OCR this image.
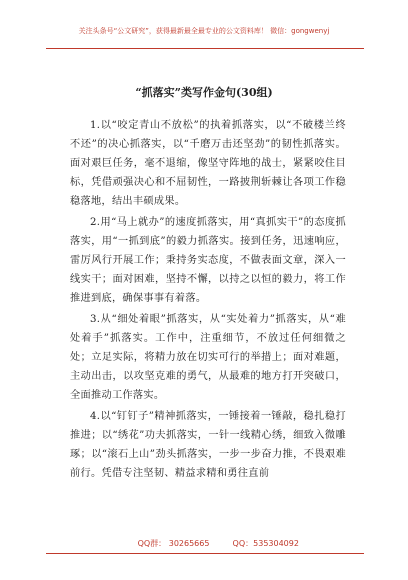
关注头条号“公文研究”，获得最新最全最专业的公文资料库！ 微信：gongwenyj
“抓落实”类写作金句(30组)

1.以“咬定青山不放松”的执着抓落实，以“不破楼兰终不还”的决心抓落实，以“千磨万击还坚劲”的韧性抓落实。面对艰巨任务，毫不退缩，像坚守阵地的战士，紧紧咬住目标，凭借顽强决心和不屈韧性，一路披荆斩棘让各项工作稳稳落地，结出丰硕成果。

2.用“马上就办”的速度抓落实，用“真抓实干”的态度抓落实，用“一抓到底”的毅力抓落实。接到任务，迅速响应，雷厉风行开展工作；秉持务实态度，不做表面文章，深入一线实干；面对困难，坚持不懈，以持之以恒的毅力，将工作推进到底，确保事事有着落。

3.从“细处着眼”抓落实，从“实处着力”抓落实，从“难处着手”抓落实。工作中，注重细节，不放过任何细微之处；立足实际，将精力放在切实可行的举措上；面对难题，主动出击，以攻坚克难的勇气，从最难的地方打开突破口，全面推动工作落实。

4.以“钉钉子”精神抓落实，一锤接着一锤敲，稳扎稳打推进；以“绣花”功夫抓落实，一针一线精心绣，细致入微雕琢；以“滚石上山”劲头抓落实，一步一步奋力推，不畏艰难前行。凭借专注坚韧、精益求精和勇往直前

QQ群： 30265665	QQ：535304092
